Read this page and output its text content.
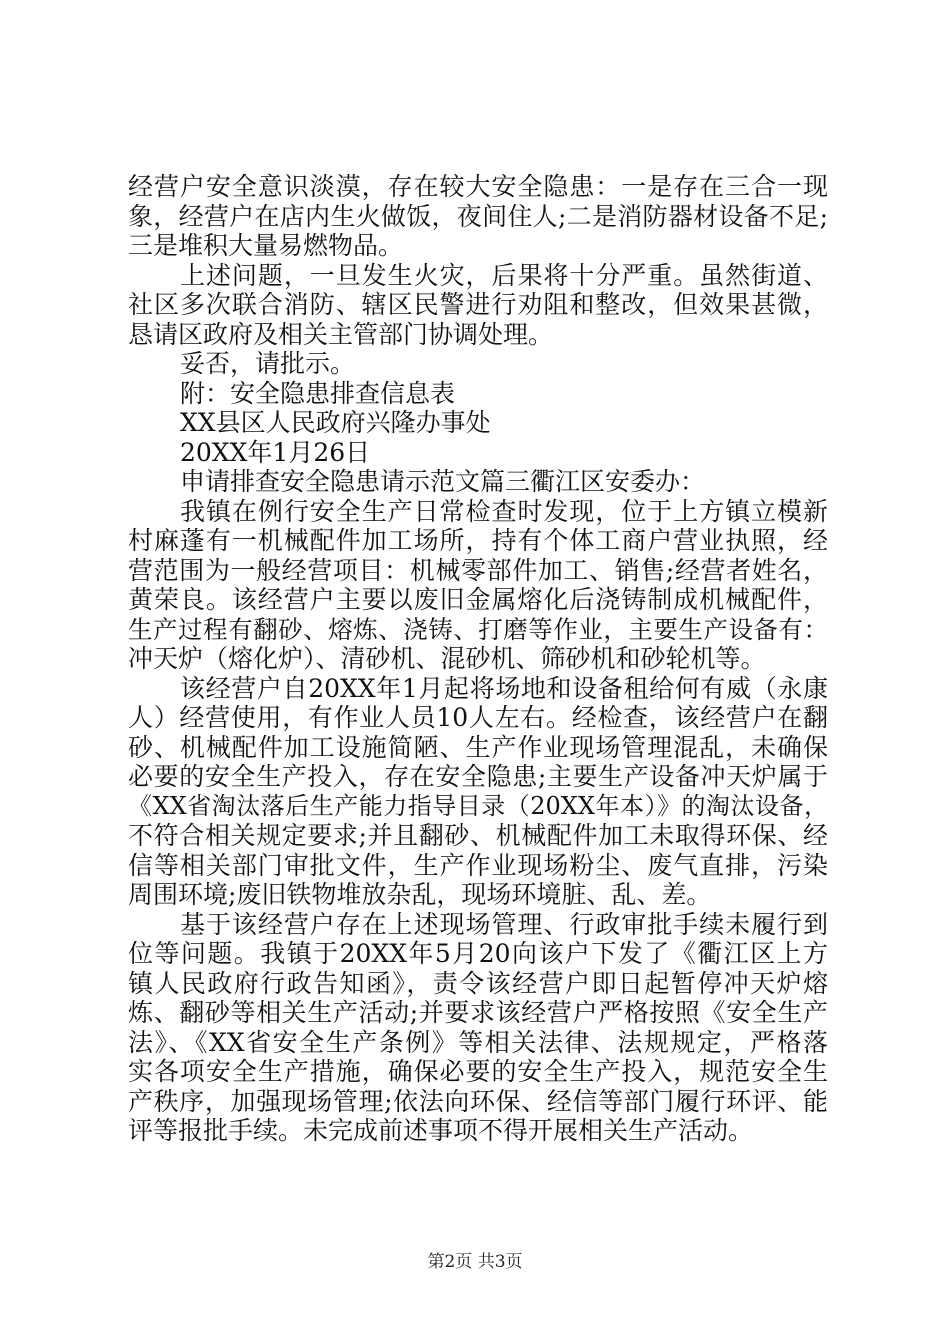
经营户安全意识淡漠，存在较大安全隐患：一是存在三合一现
象，经营户在店内生火做饭，夜间住人;二是消防器材设备不足;
三是堆积大量易燃物品。
上述问题，一旦发生火灾，后果将十分严重。虽然街道、
社区多次联合消防、辖区民警进行劝阻和整改，但效果甚微，
恳请区政府及相关主管部门协调处理。
妥否，请批示。
附：安全隐患排查信息表
XX县区人民政府兴隆办事处
20XX年1月26日
申请排查安全隐患请示范文篇三衢江区安委办：
我镇在例行安全生产日常检查时发现，位于上方镇立模新
村麻蓬有一机械配件加工场所，持有个体工商户营业执照，经
营范围为一般经营项目：机械零部件加工、销售;经营者姓名，
黄荣良。该经营户主要以废旧金属熔化后浇铸制成机械配件，
生产过程有翻砂、熔炼、浇铸、打磨等作业，主要生产设备有：
冲天炉（熔化炉）、清砂机、混砂机、筛砂机和砂轮机等。
该经营户自20XX年1月起将场地和设备租给何有威（永康
人）经营使用，有作业人员10人左右。经检查，该经营户在翻
砂、机械配件加工设施简陋、生产作业现场管理混乱，未确保
必要的安全生产投入，存在安全隐患;主要生产设备冲天炉属于
《XX省淘汰落后生产能力指导目录（20XX年本）》的淘汰设备，
不符合相关规定要求;并且翻砂、机械配件加工未取得环保、经
信等相关部门审批文件，生产作业现场粉尘、废气直排，污染
周围环境;废旧铁物堆放杂乱，现场环境脏、乱、差。
基于该经营户存在上述现场管理、行政审批手续未履行到
位等问题。我镇于20XX年5月20向该户下发了《衢江区上方
镇人民政府行政告知函》，责令该经营户即日起暂停冲天炉熔
炼、翻砂等相关生产活动;并要求该经营户严格按照《安全生产
法》、《XX省安全生产条例》等相关法律、法规规定，严格落
实各项安全生产措施，确保必要的安全生产投入，规范安全生
产秩序，加强现场管理;依法向环保、经信等部门履行环评、能
评等报批手续。未完成前述事项不得开展相关生产活动。
第2页 共3页
